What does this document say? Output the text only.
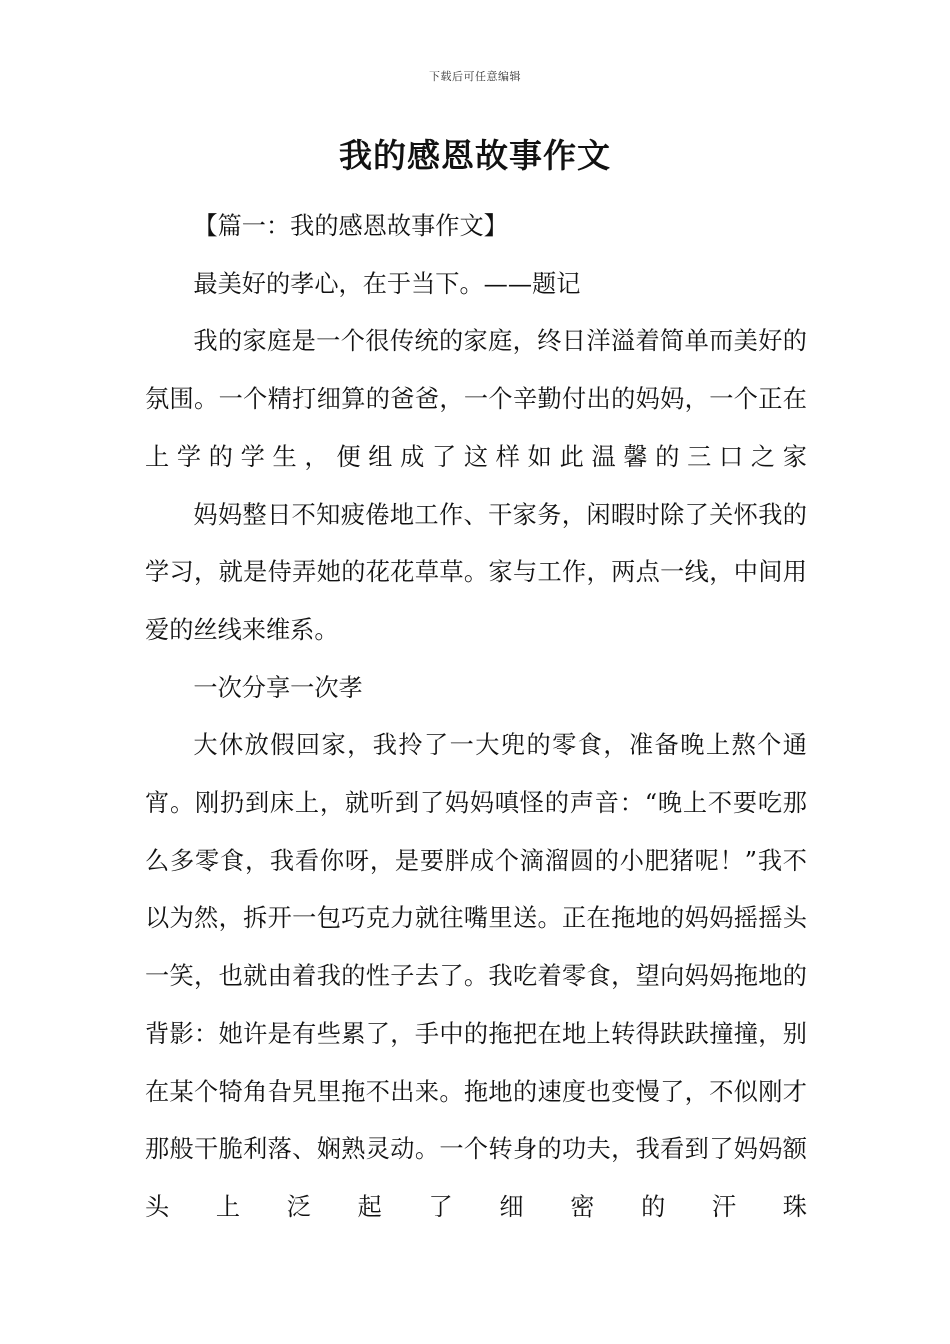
下载后可任意编辑
我的感恩故事作文

【篇一：我的感恩故事作文】

最美好的孝心，在于当下。——题记

我的家庭是一个很传统的家庭，终日洋溢着简单而美好的氛围。一个精打细算的爸爸，一个辛勤付出的妈妈，一个正在上学的学生，便组成了这样如此温馨的三口之家

妈妈整日不知疲倦地工作、干家务，闲暇时除了关怀我的学习，就是侍弄她的花花草草。家与工作，两点一线，中间用爱的丝线来维系。

一次分享一次孝

大休放假回家，我拎了一大兜的零食，准备晚上熬个通宵。刚扔到床上，就听到了妈妈嗔怪的声音：“晚上不要吃那么多零食，我看你呀，是要胖成个滴溜圆的小肥猪呢！”我不以为然，拆开一包巧克力就往嘴里送。正在拖地的妈妈摇摇头一笑，也就由着我的性子去了。我吃着零食，望向妈妈拖地的背影：她许是有些累了，手中的拖把在地上转得趺趺撞撞，别在某个犄角旮旯里拖不出来。拖地的速度也变慢了，不似刚才那般干脆利落、娴熟灵动。一个转身的功夫，我看到了妈妈额头上泛起了细密的汗珠
